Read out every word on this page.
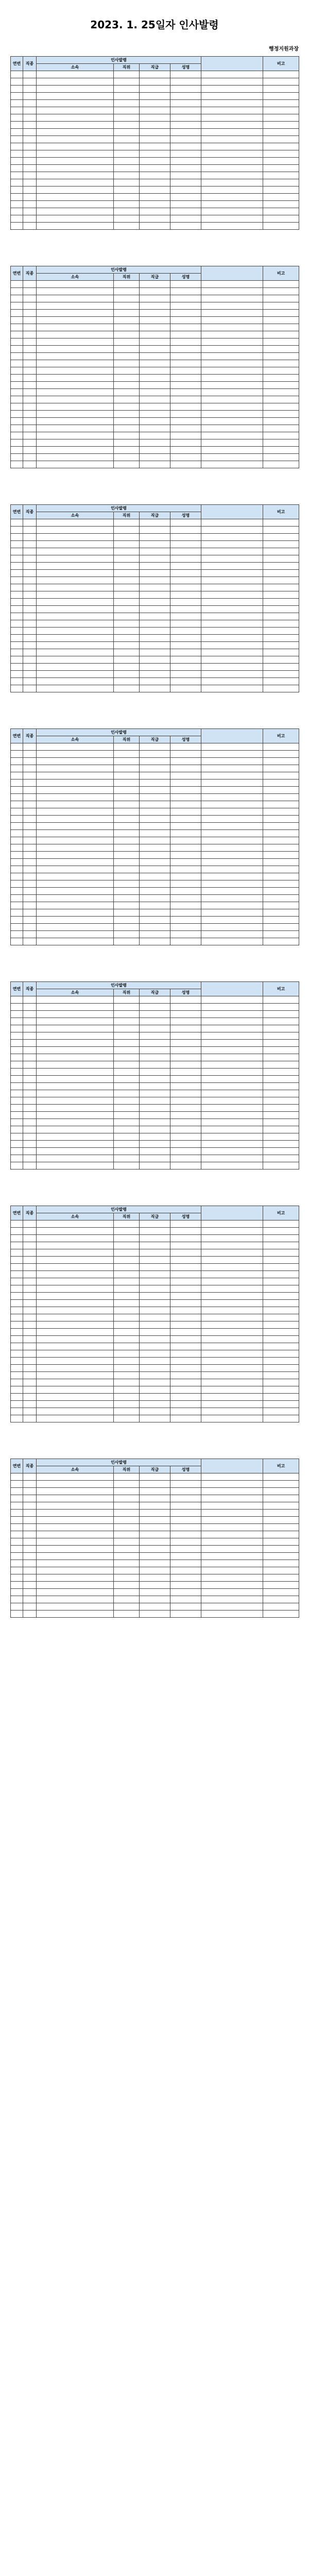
2023. 1. 25일자 인사발령
행정지원과장
연번	직종	인사발령					비고
		소속	직위	직급	성명		

연번	직종	인사발령					비고
		소속	직위	직급	성명		

연번	직종	인사발령					비고
		소속	직위	직급	성명		

연번	직종	인사발령					비고
		소속	직위	직급	성명		

연번	직종	인사발령					비고
		소속	직위	직급	성명		

연번	직종	인사발령					비고
		소속	직위	직급	성명		

연번	직종	인사발령					비고
		소속	직위	직급	성명		
